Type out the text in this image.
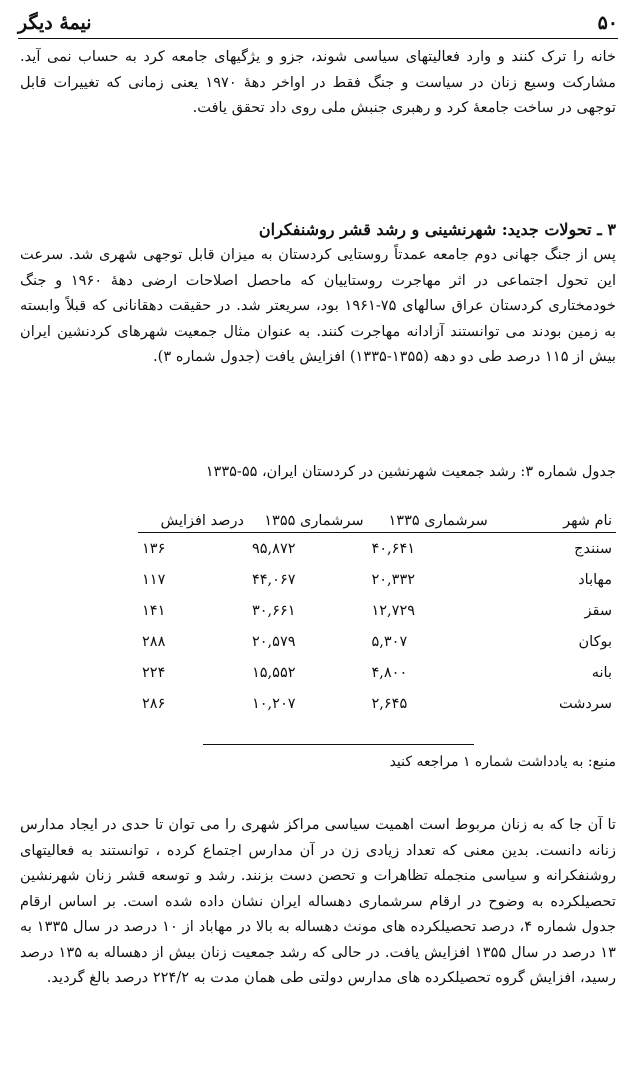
۵۰
نیمهٔ دیگر

خانه را ترک کنند و وارد فعالیتهای سیاسی شوند، جزو و یژگیهای جامعه کرد به حساب نمی آید. مشارکت وسیع زنان در سیاست و جنگ فقط در اواخر دههٔ ۱۹۷۰ یعنی زمانی که تغییرات قابل توجهی در ساخت جامعهٔ کرد و رهبری جنبش ملی روی داد تحقق یافت.

۳ ـ تحولات جدید: شهرنشینی و رشد قشر روشنفکران

پس از جنگ جهانی دوم جامعه عمدتاً روستایی کردستان به میزان قابل توجهی شهری شد. سرعت این تحول اجتماعی در اثر مهاجرت روستاییان که ماحصل اصلاحات ارضی دههٔ ۱۹۶۰ و جنگ خودمختاری کردستان عراق سالهای ۷۵-۱۹۶۱ بود، سریعتر شد. در حقیقت دهقانانی که قبلاً وابسته به زمین بودند می توانستند آزادانه مهاجرت کنند. به عنوان مثال جمعیت شهرهای کردنشین ایران بیش از ۱۱۵ درصد طی دو دهه (۱۳۵۵-۱۳۳۵) افزایش یافت (جدول شماره ۳).

جدول شماره ۳: رشد جمعیت شهرنشین در کردستان ایران، ۵۵-۱۳۳۵

نام شهر	سرشماری ۱۳۳۵	سرشماری ۱۳۵۵	درصد افزایش
سنندج	۴۰,۶۴۱	۹۵,۸۷۲	۱۳۶
مهاباد	۲۰,۳۳۲	۴۴,۰۶۷	۱۱۷
سقز	۱۲,۷۲۹	۳۰,۶۶۱	۱۴۱
بوکان	۵,۳۰۷	۲۰,۵۷۹	۲۸۸
بانه	۴,۸۰۰	۱۵,۵۵۲	۲۲۴
سردشت	۲,۶۴۵	۱۰,۲۰۷	۲۸۶

منبع: به یادداشت شماره ۱ مراجعه کنید

تا آن جا که به زنان مربوط است اهمیت سیاسی مراکز شهری را می توان تا حدی در ایجاد مدارس زنانه دانست. بدین معنی که تعداد زیادی زن در آن مدارس اجتماع کرده ، توانستند به فعالیتهای روشنفکرانه و سیاسی منجمله تظاهرات و تحصن دست بزنند. رشد و توسعه قشر زنان شهرنشین تحصیلکرده به وضوح در ارقام سرشماری دهساله ایران نشان داده شده است. بر اساس ارقام جدول شماره ۴، درصد تحصیلکرده های مونث دهساله به بالا در مهاباد از ۱۰ درصد در سال ۱۳۳۵ به ۱۳ درصد در سال ۱۳۵۵ افزایش یافت. در حالی که رشد جمعیت زنان بیش از دهساله به ۱۳۵ درصد رسید، افزایش گروه تحصیلکرده های مدارس دولتی طی همان مدت به ۲۲۴/۲ درصد بالغ گردید.
